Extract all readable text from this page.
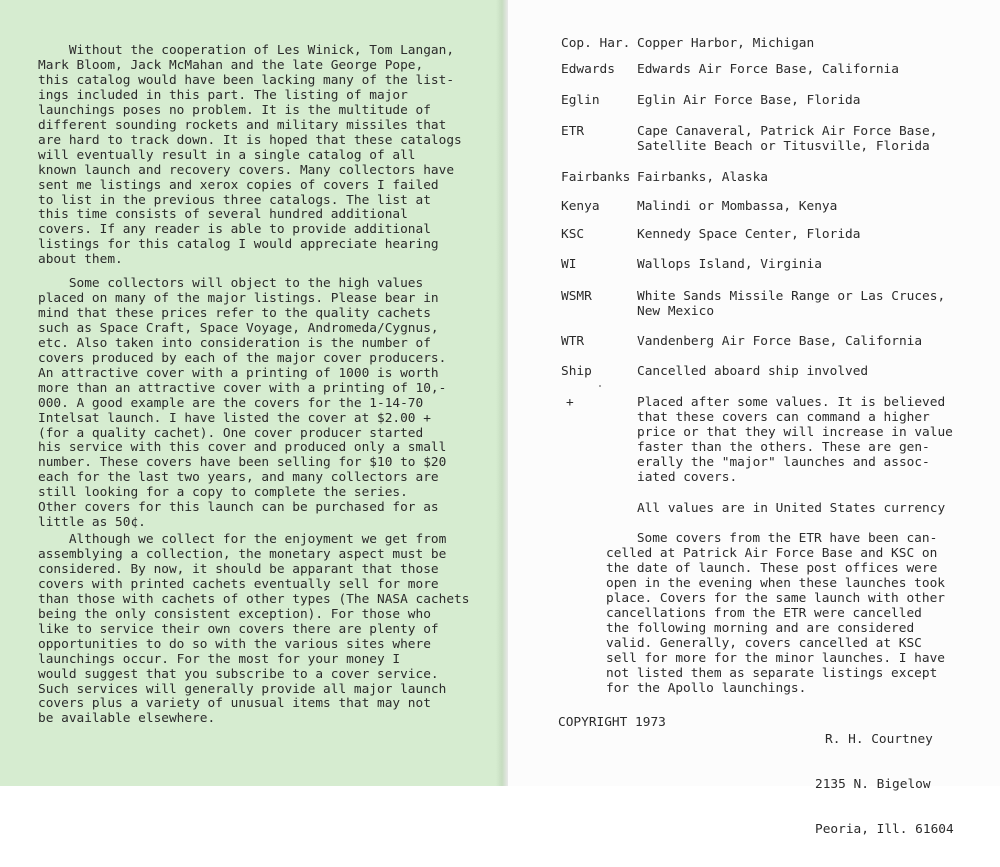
Without the cooperation of Les Winick, Tom Langan,
Mark Bloom, Jack McMahan and the late George Pope,
this catalog would have been lacking many of the list-
ings included in this part. The listing of major
launchings poses no problem. It is the multitude of
different sounding rockets and military missiles that
are hard to track down. It is hoped that these catalogs
will eventually result in a single catalog of all
known launch and recovery covers. Many collectors have
sent me listings and xerox copies of covers I failed
to list in the previous three catalogs. The list at
this time consists of several hundred additional
covers. If any reader is able to provide additional
listings for this catalog I would appreciate hearing
about them.

Some collectors will object to the high values
placed on many of the major listings. Please bear in
mind that these prices refer to the quality cachets
such as Space Craft, Space Voyage, Andromeda/Cygnus,
etc. Also taken into consideration is the number of
covers produced by each of the major cover producers.
An attractive cover with a printing of 1000 is worth
more than an attractive cover with a printing of 10,-
000. A good example are the covers for the 1-14-70
Intelsat launch. I have listed the cover at $2.00 +
(for a quality cachet). One cover producer started
his service with this cover and produced only a small
number. These covers have been selling for $10 to $20
each for the last two years, and many collectors are
still looking for a copy to complete the series.
Other covers for this launch can be purchased for as
little as 50¢.

Although we collect for the enjoyment we get from
assemblying a collection, the monetary aspect must be
considered. By now, it should be apparant that those
covers with printed cachets eventually sell for more
than those with cachets of other types (The NASA cachets
being the only consistent exception). For those who
like to service their own covers there are plenty of
opportunities to do so with the various sites where
launchings occur. For the most for your money I
would suggest that you subscribe to a cover service.
Such services will generally provide all major launch
covers plus a variety of unusual items that may not
be available elsewhere.

Cop. Har. Copper Harbor, Michigan
Edwards Edwards Air Force Base, California
Eglin	Eglin Air Force Base, Florida
ETR	Cape Canaveral, Patrick Air Force Base,
Satellite Beach or Titusville, Florida
Fairbanks Fairbanks, Alaska
Kenya	Malindi or Mombassa, Kenya
KSC	Kennedy Space Center, Florida
WI	Wallops Island, Virginia
WSMR	White Sands Missile Range or Las Cruces,
New Mexico
WTR	Vandenberg Air Force Base, California
Ship	Cancelled aboard ship involved
+	Placed after some values. It is believed
that these covers can command a higher
price or that they will increase in value
faster than the others. These are gen-
erally the "major" launches and assoc-
iated covers.
All values are in United States currency
Some covers from the ETR have been can-
celled at Patrick Air Force Base and KSC on
the date of launch. These post offices were
open in the evening when these launches took
place. Covers for the same launch with other
cancellations from the ETR were cancelled
the following morning and are considered
valid. Generally, covers cancelled at KSC
sell for more for the minor launches. I have
not listed them as separate listings except
for the Apollo launchings.
COPYRIGHT 1973

R. H. Courtney

2135 N. Bigelow

Peoria, Ill. 61604
